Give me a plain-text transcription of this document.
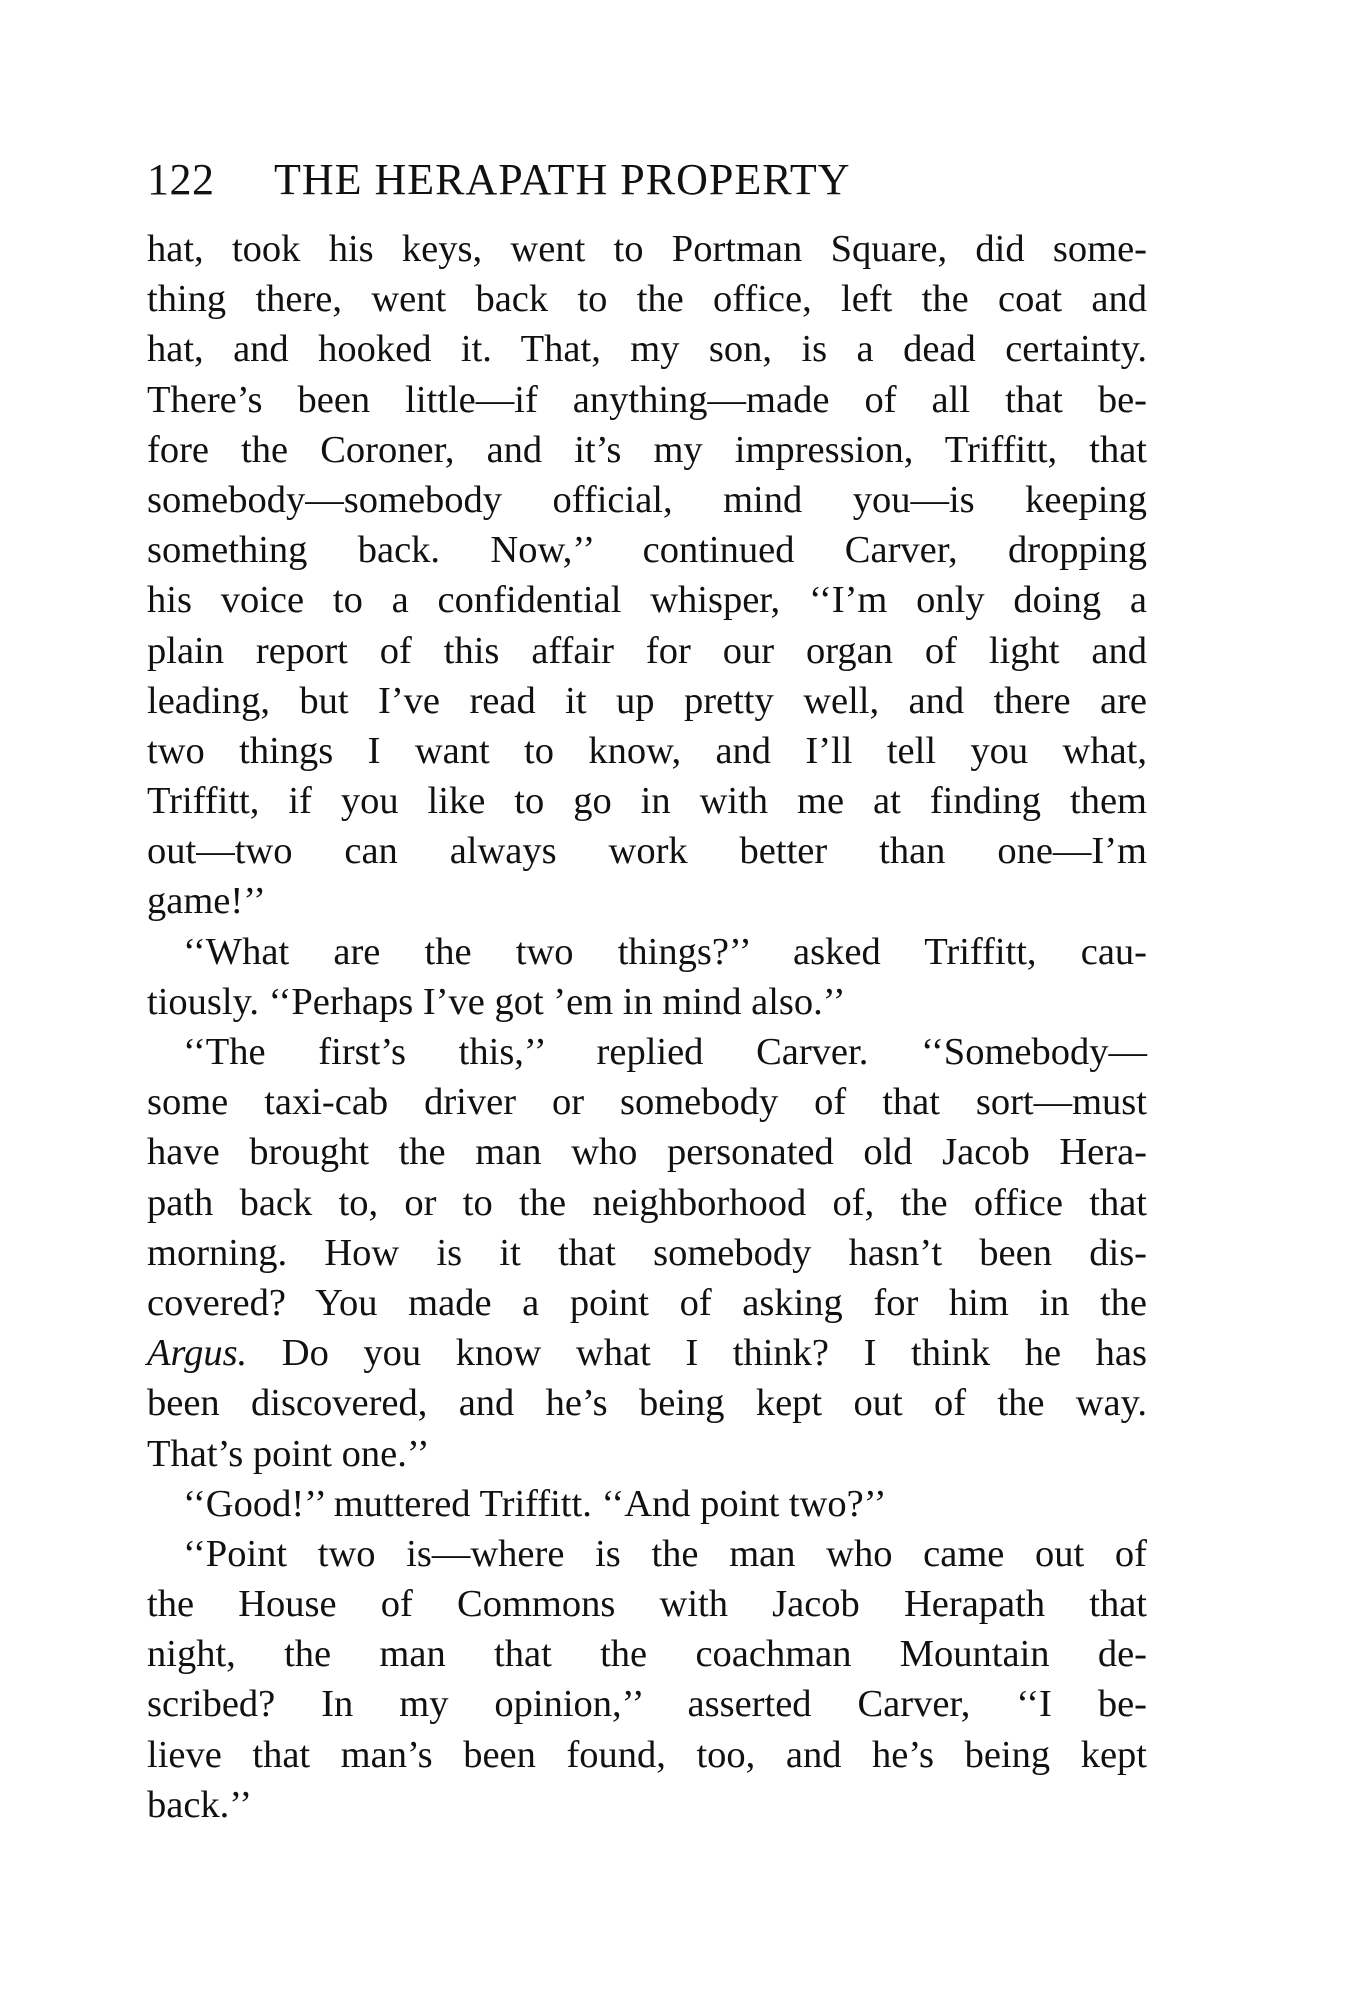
122 THE HERAPATH PROPERTY
hat, took his keys, went to Portman Square, did some-
thing there, went back to the office, left the coat and
hat, and hooked it. That, my son, is a dead certainty.
There’s been little—if anything—made of all that be-
fore the Coroner, and it’s my impression, Triffitt, that
somebody—somebody official, mind you—is keeping
something back. Now,’’ continued Carver, dropping
his voice to a confidential whisper, ‘‘I’m only doing a
plain report of this affair for our organ of light and
leading, but I’ve read it up pretty well, and there are
two things I want to know, and I’ll tell you what,
Triffitt, if you like to go in with me at finding them
out—two can always work better than one—I’m
game!’’
‘‘What are the two things?’’ asked Triffitt, cau-
tiously. ‘‘Perhaps I’ve got ’em in mind also.’’
‘‘The first’s this,’’ replied Carver. ‘‘Somebody—
some taxi-cab driver or somebody of that sort—must
have brought the man who personated old Jacob Hera-
path back to, or to the neighborhood of, the office that
morning. How is it that somebody hasn’t been dis-
covered? You made a point of asking for him in the
Argus. Do you know what I think? I think he has
been discovered, and he’s being kept out of the way.
That’s point one.’’
‘‘Good!’’ muttered Triffitt. ‘‘And point two?’’
‘‘Point two is—where is the man who came out of
the House of Commons with Jacob Herapath that
night, the man that the coachman Mountain de-
scribed? In my opinion,’’ asserted Carver, ‘‘I be-
lieve that man’s been found, too, and he’s being kept
back.’’
